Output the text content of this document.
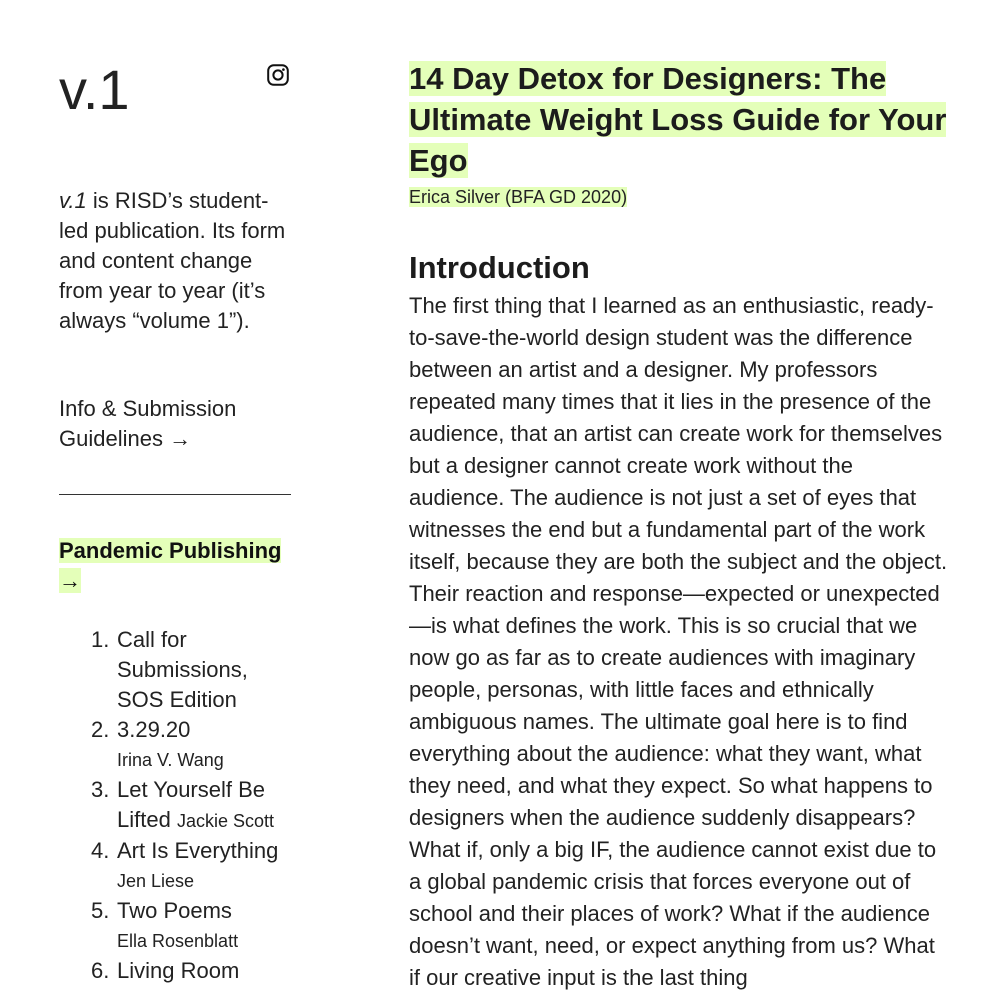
v.1
v.1 is RISD’s student-led publication. Its form and content change from year to year (it’s always “volume 1”).
Info & Submission Guidelines →
Pandemic Publishing →
1. Call for Submissions, SOS Edition
2. 3.29.20
Irina V. Wang
3. Let Yourself Be Lifted Jackie Scott
4. Art Is Everything
Jen Liese
5. Two Poems
Ella Rosenblatt
6. Living Room
14 Day Detox for Designers: The Ultimate Weight Loss Guide for Your Ego
Erica Silver (BFA GD 2020)
Introduction

The first thing that I learned as an enthusiastic, ready-to-save-the-world design student was the difference between an artist and a designer. My professors repeated many times that it lies in the presence of the audience, that an artist can create work for themselves but a designer cannot create work without the audience. The audience is not just a set of eyes that witnesses the end but a fundamental part of the work itself, because they are both the subject and the object. Their reaction and response—expected or unexpected—is what defines the work. This is so crucial that we now go as far as to create audiences with imaginary people, personas, with little faces and ethnically ambiguous names. The ultimate goal here is to find everything about the audience: what they want, what they need, and what they expect. So what happens to designers when the audience suddenly disappears? What if, only a big IF, the audience cannot exist due to a global pandemic crisis that forces everyone out of school and their places of work? What if the audience doesn’t want, need, or expect anything from us? What if our creative input is the last thing
